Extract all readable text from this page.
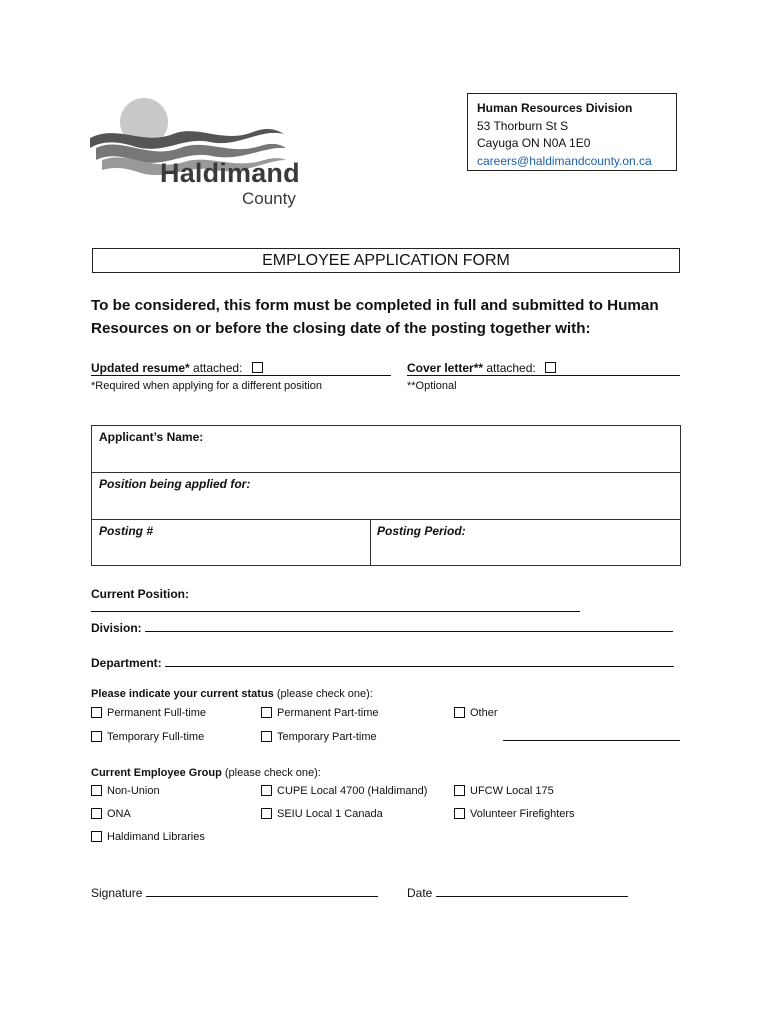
Haldimand
County
Human Resources Division
53 Thorburn St S
Cayuga ON N0A 1E0
careers@haldimandcounty.on.ca
EMPLOYEE APPLICATION FORM
To be considered, this form must be completed in full and submitted to Human Resources on or before the closing date of the posting together with:
Updated resume* attached:
*Required when applying for a different position
Cover letter** attached:
**Optional
Applicant’s Name:
Position being applied for:
Posting #	Posting Period:
Current Position:
Division:
Department:
Please indicate your current status (please check one):
Permanent Full-time	Permanent Part-time	Other
Temporary Full-time	Temporary Part-time
Current Employee Group (please check one):
Non-Union	CUPE Local 4700 (Haldimand)	UFCW Local 175
ONA	SEIU Local 1 Canada	Volunteer Firefighters
Haldimand Libraries
Signature	Date
